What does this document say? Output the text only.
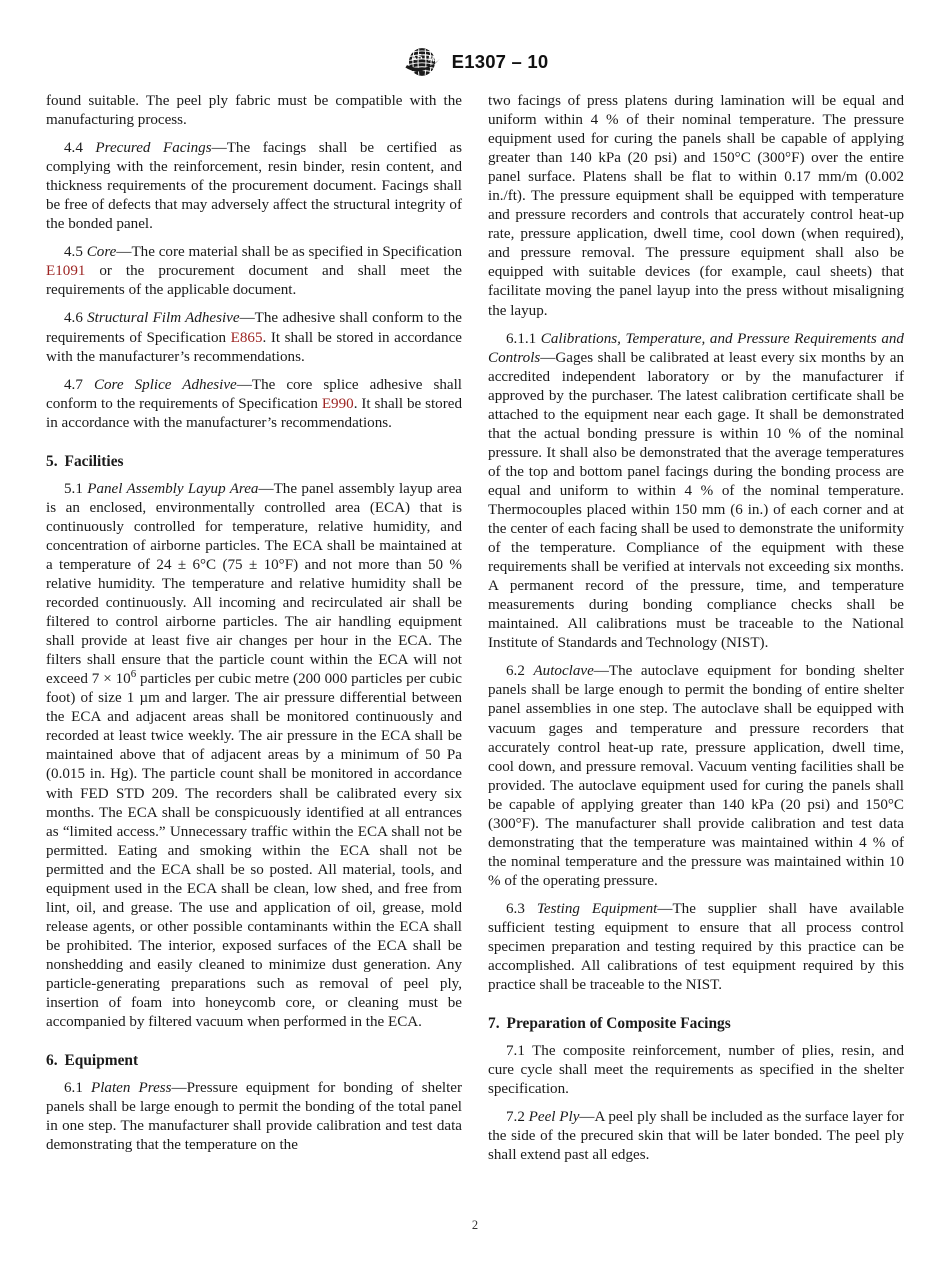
A S T M E1307 – 10

found suitable. The peel ply fabric must be compatible with the manufacturing process.

4.4 Precured Facings—The facings shall be certified as complying with the reinforcement, resin binder, resin content, and thickness requirements of the procurement document. Facings shall be free of defects that may adversely affect the structural integrity of the bonded panel.

4.5 Core—The core material shall be as specified in Specification E1091 or the procurement document and shall meet the requirements of the applicable document.

4.6 Structural Film Adhesive—The adhesive shall conform to the requirements of Specification E865. It shall be stored in accordance with the manufacturer’s recommendations.

4.7 Core Splice Adhesive—The core splice adhesive shall conform to the requirements of Specification E990. It shall be stored in accordance with the manufacturer’s recommendations.

5. Facilities

5.1 Panel Assembly Layup Area—The panel assembly layup area is an enclosed, environmentally controlled area (ECA) that is continuously controlled for temperature, relative humidity, and concentration of airborne particles. The ECA shall be maintained at a temperature of 24 ± 6°C (75 ± 10°F) and not more than 50 % relative humidity. The temperature and relative humidity shall be recorded continuously. All incoming and recirculated air shall be filtered to control airborne particles. The air handling equipment shall provide at least five air changes per hour in the ECA. The filters shall ensure that the particle count within the ECA will not exceed $7 \times 10^6$ particles per cubic metre (200 000 particles per cubic foot) of size 1 µm and larger. The air pressure differential between the ECA and adjacent areas shall be monitored continuously and recorded at least twice weekly. The air pressure in the ECA shall be maintained above that of adjacent areas by a minimum of 50 Pa (0.015 in. Hg). The particle count shall be monitored in accordance with FED STD 209. The recorders shall be calibrated every six months. The ECA shall be conspicuously identified at all entrances as “limited access.” Unnecessary traffic within the ECA shall not be permitted. Eating and smoking within the ECA shall not be permitted and the ECA shall be so posted. All material, tools, and equipment used in the ECA shall be clean, low shed, and free from lint, oil, and grease. The use and application of oil, grease, mold release agents, or other possible contaminants within the ECA shall be prohibited. The interior, exposed surfaces of the ECA shall be nonshedding and easily cleaned to minimize dust generation. Any particle-generating preparations such as removal of peel ply, insertion of foam into honeycomb core, or cleaning must be accompanied by filtered vacuum when performed in the ECA.

6. Equipment

6.1 Platen Press—Pressure equipment for bonding of shelter panels shall be large enough to permit the bonding of the total panel in one step. The manufacturer shall provide calibration and test data demonstrating that the temperature on the

two facings of press platens during lamination will be equal and uniform within 4 % of their nominal temperature. The pressure equipment used for curing the panels shall be capable of applying greater than 140 kPa (20 psi) and 150°C (300°F) over the entire panel surface. Platens shall be flat to within 0.17 mm/m (0.002 in./ft). The pressure equipment shall be equipped with temperature and pressure recorders and controls that accurately control heat-up rate, pressure application, dwell time, cool down (when required), and pressure removal. The pressure equipment shall also be equipped with suitable devices (for example, caul sheets) that facilitate moving the panel layup into the press without misaligning the layup.

6.1.1 Calibrations, Temperature, and Pressure Requirements and Controls—Gages shall be calibrated at least every six months by an accredited independent laboratory or by the manufacturer if approved by the purchaser. The latest calibration certificate shall be attached to the equipment near each gage. It shall be demonstrated that the actual bonding pressure is within 10 % of the nominal pressure. It shall also be demonstrated that the average temperatures of the top and bottom panel facings during the bonding process are equal and uniform to within 4 % of the nominal temperature. Thermocouples placed within 150 mm (6 in.) of each corner and at the center of each facing shall be used to demonstrate the uniformity of the temperature. Compliance of the equipment with these requirements shall be verified at intervals not exceeding six months. A permanent record of the pressure, time, and temperature measurements during bonding compliance checks shall be maintained. All calibrations must be traceable to the National Institute of Standards and Technology (NIST).

6.2 Autoclave—The autoclave equipment for bonding shelter panels shall be large enough to permit the bonding of entire shelter panel assemblies in one step. The autoclave shall be equipped with vacuum gages and temperature and pressure recorders that accurately control heat-up rate, pressure application, dwell time, cool down, and pressure removal. Vacuum venting facilities shall be provided. The autoclave equipment used for curing the panels shall be capable of applying greater than 140 kPa (20 psi) and 150°C (300°F). The manufacturer shall provide calibration and test data demonstrating that the temperature was maintained within 4 % of the nominal temperature and the pressure was maintained within 10 % of the operating pressure.

6.3 Testing Equipment—The supplier shall have available sufficient testing equipment to ensure that all process control specimen preparation and testing required by this practice can be accomplished. All calibrations of test equipment required by this practice shall be traceable to the NIST.

7. Preparation of Composite Facings

7.1 The composite reinforcement, number of plies, resin, and cure cycle shall meet the requirements as specified in the shelter specification.

7.2 Peel Ply—A peel ply shall be included as the surface layer for the side of the precured skin that will be later bonded. The peel ply shall extend past all edges.

2
